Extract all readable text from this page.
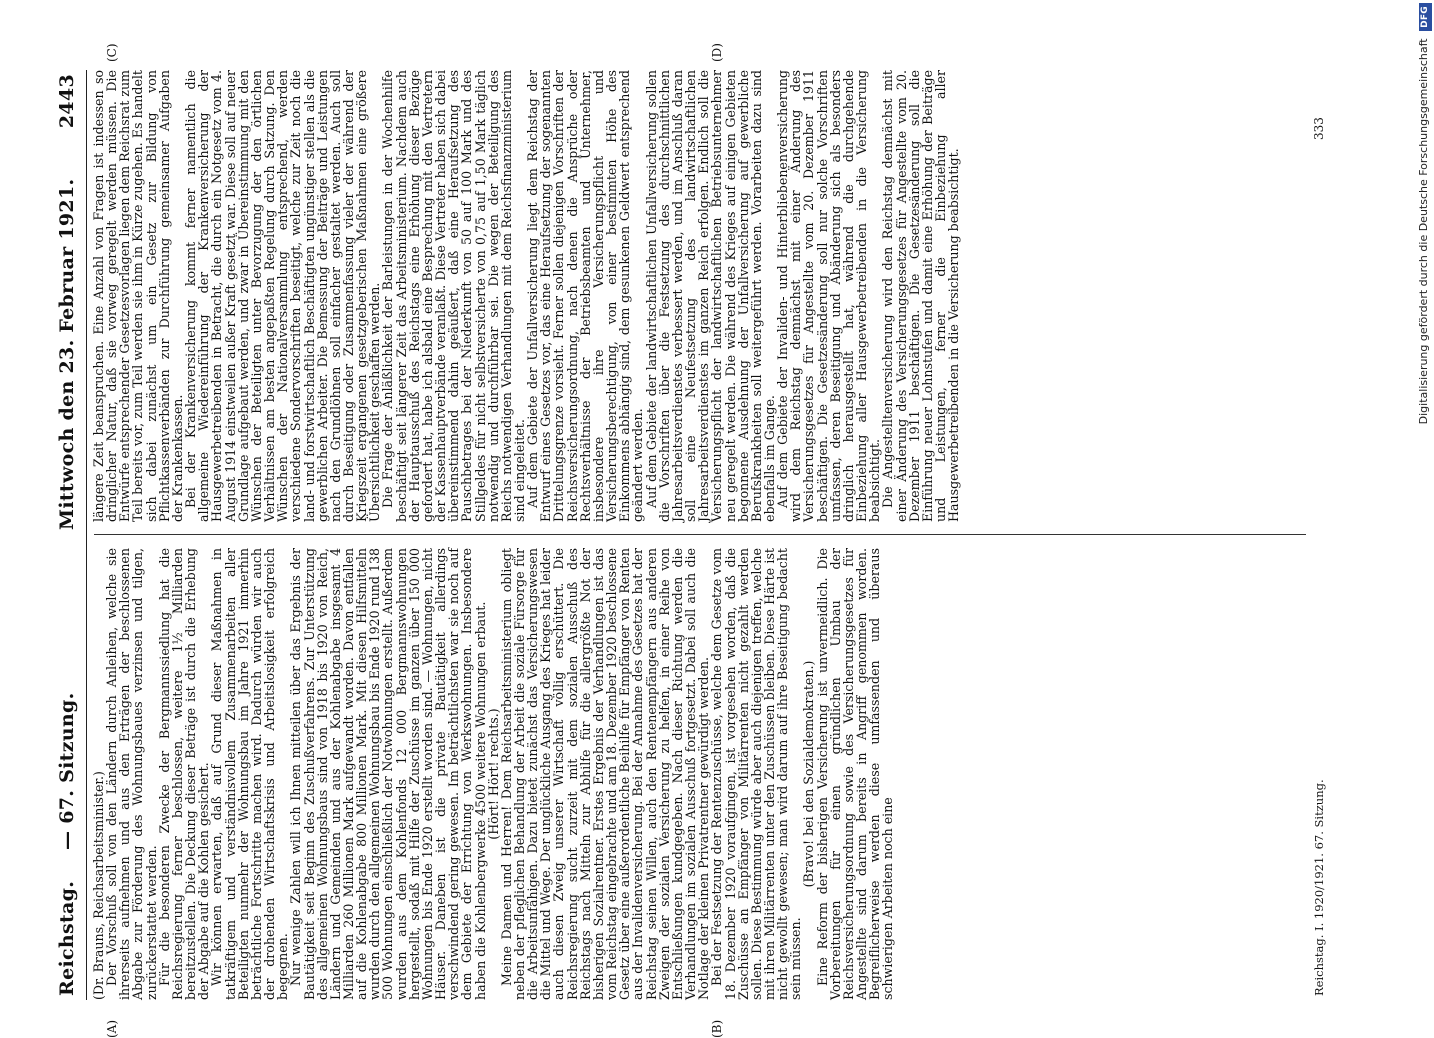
Reichstag.
— 67. Sitzung.
Mittwoch den 23. Februar 1921.
2443

(Dr. Brauns, Reichsarbeitsminister.)

Der Vorschuß soll von den Ländern durch Anleihen, welche sie ihrerseits aufnehmen und aus den Erträgen der beschlossenen Abgabe zur Förderung des Wohnungsbaues verzinsen und tilgen, zurückerstattet werden.

Für die besonderen Zwecke der Bergmannssiedlung hat die Reichsregierung ferner beschlossen, weitere 1½ Milliarden bereitzustellen. Die Deckung dieser Beträge ist durch die Erhebung der Abgabe auf die Kohlen gesichert.

Wir können erwarten, daß auf Grund dieser Maßnahmen in tatkräftigem und verständnisvollem Zusammenarbeiten aller Beteiligten nunmehr der Wohnungsbau im Jahre 1921 immerhin beträchtliche Fortschritte machen wird. Dadurch würden wir auch der drohenden Wirtschaftskrisis und Arbeitslosigkeit erfolgreich begegnen.

Nur wenige Zahlen will ich Ihnen mitteilen über das Ergebnis der Bautätigkeit seit Beginn des Zuschußverfahrens. Zur Unterstützung des allgemeinen Wohnungsbaus sind von 1918 bis 1920 von Reich, Ländern und Gemeinden und aus der Kohlenabgabe insgesamt 4 Milliarden 260 Millionen Mark aufgewandt worden. Davon entfallen auf die Kohlenabgabe 800 Millionen Mark. Mit diesen Hilfsmitteln wurden durch den allgemeinen Wohnungsbau bis Ende 1920 rund 138 500 Wohnungen einschließlich der Notwohnungen erstellt. Außerdem wurden aus dem Kohlenfonds 12 000 Bergmannswohnungen hergestellt, sodaß mit Hilfe der Zuschüsse im ganzen über 150 000 Wohnungen bis Ende 1920 erstellt worden sind. — Wohnungen, nicht Häuser. Daneben ist die private Bautätigkeit allerdings verschwindend gering gewesen. Im beträchtlichsten war sie noch auf dem Gebiete der Errichtung von Werkswohnungen. Insbesondere haben die Kohlenbergwerke 4500 weitere Wohnungen erbaut.

(Hört! Hört! rechts.)

Meine Damen und Herren! Dem Reichsarbeitsministerium obliegt neben der pfleglichen Behandlung der Arbeit die soziale Fürsorge für die Arbeitsunfähigen. Dazu bietet zunächst das Versicherungswesen die Mittel und Wege. Der unglückliche Ausgang des Krieges hat leider auch diesen Zweig unserer Wirtschaft völlig erschüttert. Die Reichsregierung sucht zurzeit mit dem sozialen Ausschuß des Reichstags nach Mitteln zur Abhilfe für die allergrößte Not der bisherigen Sozialrentner. Erstes Ergebnis der Verhandlungen ist das vom Reichstag eingebrachte und am 18. Dezember 1920 beschlossene Gesetz über eine außerordentliche Beihilfe für Empfänger von Renten aus der Invalidenversicherung. Bei der Annahme des Gesetzes hat der Reichstag seinen Willen, auch den Rentenempfängern aus anderen Zweigen der sozialen Versicherung zu helfen, in einer Reihe von Entschließungen kundgegeben. Nach dieser Richtung werden die Verhandlungen im sozialen Ausschuß fortgesetzt. Dabei soll auch die Notlage der kleinen Privatrentner gewürdigt werden.

Bei der Festsetzung der Rentenzuschüsse, welche dem Gesetze vom 18. Dezember 1920 voraufgingen, ist vorgesehen worden, daß die Zuschüsse an Empfänger von Militärrenten nicht gezahlt werden sollen. Diese Bestimmung würde aber auch diejenigen treffen, welche mit ihren Militärrenten unter den Zuschüssen bleiben. Diese Härte ist nicht gewollt gewesen; man wird darum auf ihre Beseitigung bedacht sein müssen.

(Bravo! bei den Sozialdemokraten.)

Eine Reform der bisherigen Versicherung ist unvermeidlich. Die Vorbereitungen für einen gründlichen Umbau der Reichsversicherungsordnung sowie des Versicherungsgesetzes für Angestellte sind darum bereits in Angriff genommen worden. Begreiflicherweise werden diese umfassenden und überaus schwierigen Arbeiten noch eine

längere Zeit beanspruchen. Eine Anzahl von Fragen ist indessen so dringlicher Natur, daß sie vorweg geregelt werden müssen. Die Entwürfe entsprechender Gesetzesvorlagen liegen dem Reichsrat zum Teil bereits vor, zum Teil werden sie ihm in Kürze zugehen. Es handelt sich dabei zunächst um ein Gesetz zur Bildung von Pflichtkassenverbänden zur Durchführung gemeinsamer Aufgaben der Krankenkassen.

Bei der Krankenversicherung kommt ferner namentlich die allgemeine Wiedereinführung der Krankenversicherung der Hausgewerbetreibenden in Betracht, die durch ein Notgesetz vom 4. August 1914 einstweilen außer Kraft gesetzt war. Diese soll auf neuer Grundlage aufgebaut werden, und zwar in Übereinstimmung mit den Wünschen der Beteiligten unter Bevorzugung der den örtlichen Verhältnissen am besten angepaßten Regelung durch Satzung. Den Wünschen der Nationalversammlung entsprechend, werden verschiedene Sondervorschriften beseitigt, welche zur Zeit noch die land- und forstwirtschaftlich Beschäftigten ungünstiger stellen als die gewerblichen Arbeiter. Die Bemessung der Beiträge und Leistungen nach den Grundlöhnen soll einfacher gestaltet werden. Auch soll durch Beseitigung oder Zusammenfassung vieler der während der Kriegszeit ergangenen gesetzgeberischen Maßnahmen eine größere Übersichtlichkeit geschaffen werden.

Die Frage der Anläßlichkeit der Barleistungen in der Wochenhilfe beschäftigt seit längerer Zeit das Arbeitsministerium. Nachdem auch der Hauptausschuß des Reichstags eine Erhöhung dieser Bezüge gefordert hat, habe ich alsbald eine Besprechung mit den Vertretern der Kassenhauptverbände veranlaßt. Diese Vertreter haben sich dabei übereinstimmend dahin geäußert, daß eine Heraufsetzung des Pauschbetrages bei der Niederkunft von 50 auf 100 Mark und des Stillgeldes für nicht selbstversicherte von 0,75 auf 1,50 Mark täglich notwendig und durchführbar sei. Die wegen der Beteiligung des Reichs notwendigen Verhandlungen mit dem Reichsfinanzministerium sind eingeleitet.

Auf dem Gebiete der Unfallversicherung liegt dem Reichstag der Entwurf eines Gesetzes vor, das eine Heraufsetzung der sogenannten Drittelungsgrenze vorsieht. Ferner sollen diejenigen Vorschriften der Reichsversicherungsordnung, nach denen die Ansprüche oder Rechtsverhältnisse der Betriebsbeamten und Unternehmer, insbesondere ihre Versicherungspflicht und Versicherungsberechtigung, von einer bestimmten Höhe des Einkommens abhängig sind, dem gesunkenen Geldwert entsprechend geändert werden.

Auf dem Gebiete der landwirtschaftlichen Unfallversicherung sollen die Vorschriften über die Festsetzung des durchschnittlichen Jahresarbeitsverdienstes verbessert werden, und im Anschluß daran soll eine Neufestsetzung des landwirtschaftlichen Jahresarbeitsverdienstes im ganzen Reich erfolgen. Endlich soll die Versicherungspflicht der landwirtschaftlichen Betriebsunternehmer neu geregelt werden. Die während des Krieges auf einigen Gebieten begonnene Ausdehnung der Unfallversicherung auf gewerbliche Berufskrankheiten soll weitergeführt werden. Vorarbeiten dazu sind ebenfalls im Gange.

Auf dem Gebiete der Invaliden- und Hinterbliebenenversicherung wird dem Reichstag demnächst mit einer Änderung des Versicherungsgesetzes für Angestellte vom 20. Dezember 1911 beschäftigen. Die Gesetzesänderung soll nur solche Vorschriften umfassen, deren Beseitigung und Abänderung sich als besonders dringlich herausgestellt hat, während die durchgehende Einbeziehung aller Hausgewerbetreibenden in die Versicherung beabsichtigt.

Die Angestelltenversicherung wird den Reichstag demnächst mit einer Änderung des Versicherungsgesetzes für Angestellte vom 20. Dezember 1911 beschäftigen. Die Gesetzesänderung soll die Einführung neuer Lohnstufen und damit eine Erhöhung der Beiträge und Leistungen, ferner die Einbeziehung aller Hausgewerbetreibenden in die Versicherung beabsichtigt.

(A)	(B)
(C)	(D)
Reichstag. I. 1920/1921. 67. Sitzung.
333	Digitalisierung gefördert durch die Deutsche Forschungsgemeinschaft DFG
